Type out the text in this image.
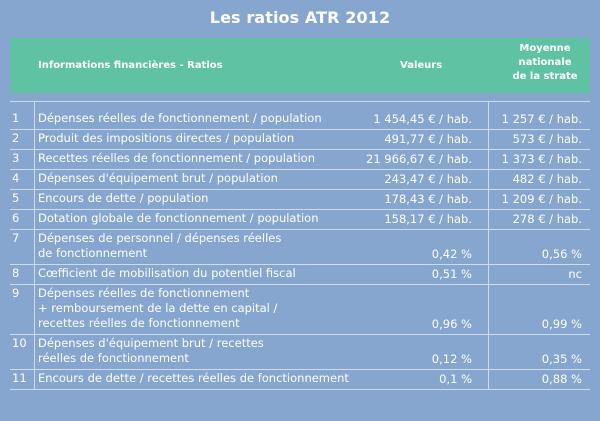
Les ratios ATR 2012
Informations financières - Ratios	Valeurs
Moyenne
nationale
de la strate
1	Dépenses réelles de fonctionnement / population	1 454,45 € / hab.	1 257 € / hab.
2	Produit des impositions directes / population	491,77 € / hab.	573 € / hab.
3	Recettes réelles de fonctionnement / population	21 966,67 € / hab.	1 373 € / hab.
4	Dépenses d'équipement brut / population	243,47 € / hab.	482 € / hab.
5	Encours de dette / population	178,43 € / hab.	1 209 € / hab.
6	Dotation globale de fonctionnement / population	158,17 € / hab.	278 € / hab.
7	Dépenses de personnel / dépenses réelles
de fonctionnement	0,42 %	0,56 %
8	Cœfficient de mobilisation du potentiel fiscal	0,51 %	nc
9	Dépenses réelles de fonctionnement
+ remboursement de la dette en capital /
recettes réelles de fonctionnement	0,96 %	0,99 %
10 Dépenses d'équipement brut / recettes
réelles de fonctionnement	0,12 %	0,35 %
11 Encours de dette / recettes réelles de fonctionnement	0,1 %	0,88 %
